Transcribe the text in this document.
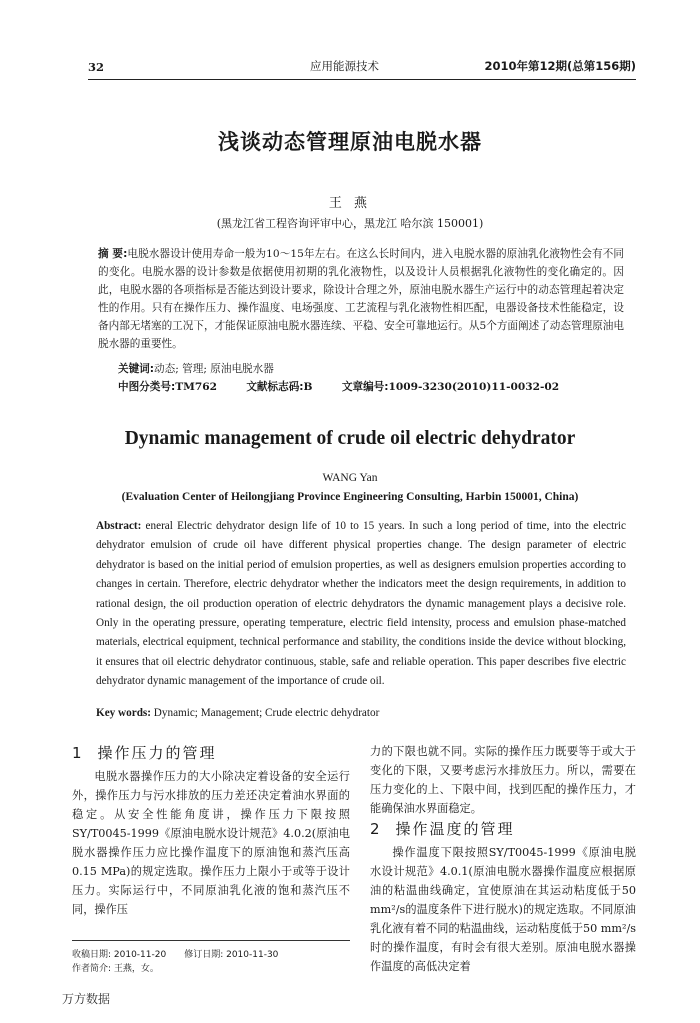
32	应用能源技术	2010年第12期(总第156期)
浅谈动态管理原油电脱水器
王 燕
(黑龙江省工程咨询评审中心，黑龙江 哈尔滨 150001)
摘 要:电脱水器设计使用寿命一般为10～15年左右。在这么长时间内，进入电脱水器的原油乳化液物性会有不同的变化。电脱水器的设计参数是依据使用初期的乳化液物性，以及设计人员根据乳化液物性的变化确定的。因此，电脱水器的各项指标是否能达到设计要求，除设计合理之外，原油电脱水器生产运行中的动态管理起着决定性的作用。只有在操作压力、操作温度、电场强度、工艺流程与乳化液物性相匹配，电器设备技术性能稳定，设备内部无堵塞的工况下，才能保证原油电脱水器连续、平稳、安全可靠地运行。从5个方面阐述了动态管理原油电脱水器的重要性。
关键词:动态; 管理; 原油电脱水器
中图分类号:TM762	文献标志码:B	文章编号:1009-3230(2010)11-0032-02
Dynamic management of crude oil electric dehydrator
WANG Yan
(Evaluation Center of Heilongjiang Province Engineering Consulting, Harbin 150001, China)
Abstract: eneral Electric dehydrator design life of 10 to 15 years. In such a long period of time, into the electric dehydrator emulsion of crude oil have different physical properties change. The design parameter of electric dehydrator is based on the initial period of emulsion properties, as well as designers emulsion properties according to changes in certain. Therefore, electric dehydrator whether the indicators meet the design requirements, in addition to rational design, the oil production operation of electric dehydrators the dynamic management plays a decisive role. Only in the operating pressure, operating temperature, electric field intensity, process and emulsion phase-matched materials, electrical equipment, technical performance and stability, the conditions inside the device without blocking, it ensures that oil electric dehydrator continuous, stable, safe and reliable operation. This paper describes five electric dehydrator dynamic management of the importance of crude oil.
Key words: Dynamic; Management; Crude electric dehydrator
1 操作压力的管理

电脱水器操作压力的大小除决定着设备的安全运行外，操作压力与污水排放的压力差还决定着油水界面的稳定。从安全性能角度讲，操作压力下限按照SY/T0045-1999《原油电脱水设计规范》4.0.2(原油电脱水器操作压力应比操作温度下的原油饱和蒸汽压高0.15 MPa)的规定选取。操作压力上限小于或等于设计压力。实际运行中，不同原油乳化液的饱和蒸汽压不同，操作压

力的下限也就不同。实际的操作压力既要等于或大于变化的下限，又要考虑污水排放压力。所以，需要在压力变化的上、下限中间，找到匹配的操作压力，才能确保油水界面稳定。

2 操作温度的管理

操作温度下限按照SY/T0045-1999《原油电脱水设计规范》4.0.1(原油电脱水器操作温度应根据原油的粘温曲线确定，宜使原油在其运动粘度低于50 mm²/s的温度条件下进行脱水)的规定选取。不同原油乳化液有着不同的粘温曲线，运动粘度低于50 mm²/s时的操作温度，有时会有很大差别。原油电脱水器操作温度的高低决定着

收稿日期: 2010-11-20 修订日期: 2010-11-30
作者简介: 王燕，女。
万方数据
